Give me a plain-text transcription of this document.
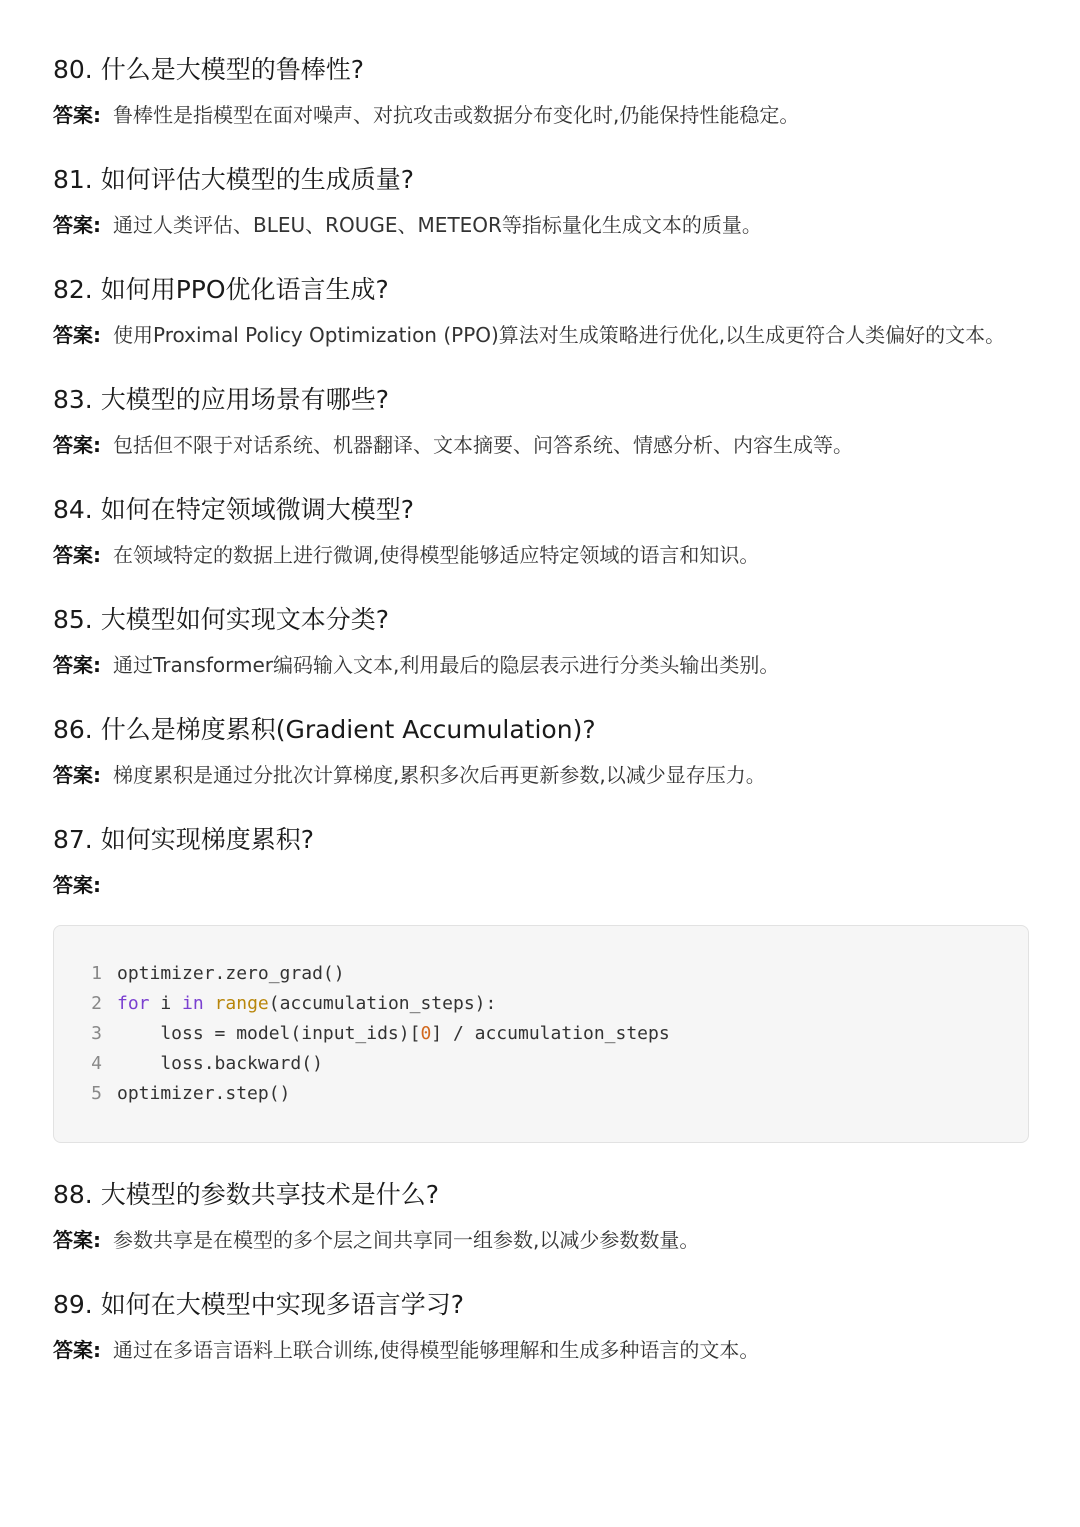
80. 什么是大模型的鲁棒性?

答案: 鲁棒性是指模型在面对噪声、对抗攻击或数据分布变化时,仍能保持性能稳定。

81. 如何评估大模型的生成质量?

答案: 通过人类评估、BLEU、ROUGE、METEOR等指标量化生成文本的质量。

82. 如何用PPO优化语言生成?

答案: 使用Proximal Policy Optimization (PPO)算法对生成策略进行优化,以生成更符合人类偏好的文本。

83. 大模型的应用场景有哪些?

答案: 包括但不限于对话系统、机器翻译、文本摘要、问答系统、情感分析、内容生成等。

84. 如何在特定领域微调大模型?

答案: 在领域特定的数据上进行微调,使得模型能够适应特定领域的语言和知识。

85. 大模型如何实现文本分类?

答案: 通过Transformer编码输入文本,利用最后的隐层表示进行分类头输出类别。

86. 什么是梯度累积(Gradient Accumulation)?

答案: 梯度累积是通过分批次计算梯度,累积多次后再更新参数,以减少显存压力。

87. 如何实现梯度累积?

答案:

1 optimizer.zero_grad()
2 for i in
range (accumulation_steps):
3 loss = model(input_ids)[ 0 ] / accumulation_steps
4 loss.backward()
5 optimizer.step()
88. 大模型的参数共享技术是什么?

答案: 参数共享是在模型的多个层之间共享同一组参数,以减少参数数量。

89. 如何在大模型中实现多语言学习?

答案: 通过在多语言语料上联合训练,使得模型能够理解和生成多种语言的文本。
